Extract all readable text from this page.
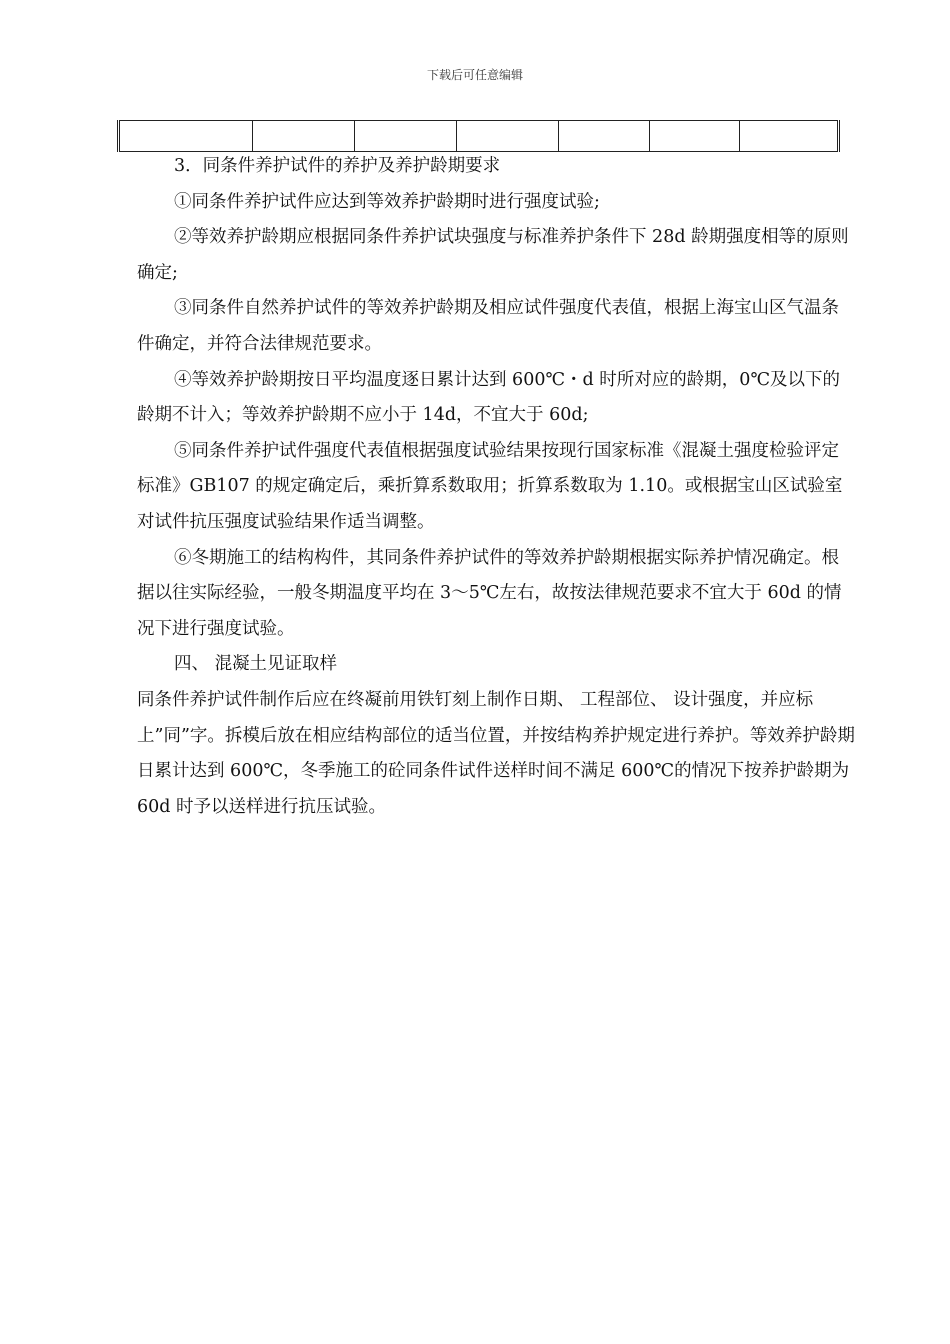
下载后可任意编辑

3．同条件养护试件的养护及养护龄期要求

①同条件养护试件应达到等效养护龄期时进行强度试验;

②等效养护龄期应根据同条件养护试块强度与标准养护条件下 28d 龄期强度相等的原则确定;

③同条件自然养护试件的等效养护龄期及相应试件强度代表值，根据上海宝山区气温条件确定，并符合法律规范要求。

④等效养护龄期按日平均温度逐日累计达到 600℃・d 时所对应的龄期，0℃及以下的龄期不计入；等效养护龄期不应小于 14d，不宜大于 60d;

⑤同条件养护试件强度代表值根据强度试验结果按现行国家标准《混凝土强度检验评定标准》GB107 的规定确定后，乘折算系数取用；折算系数取为 1.10。或根据宝山区试验室对试件抗压强度试验结果作适当调整。

⑥冬期施工的结构构件，其同条件养护试件的等效养护龄期根据实际养护情况确定。根据以往实际经验，一般冬期温度平均在 3～5℃左右，故按法律规范要求不宜大于 60d 的情况下进行强度试验。

四、 混凝土见证取样

同条件养护试件制作后应在终凝前用铁钉刻上制作日期、 工程部位、 设计强度，并应标上”同”字。拆模后放在相应结构部位的适当位置，并按结构养护规定进行养护。等效养护龄期日累计达到 600℃，冬季施工的砼同条件试件送样时间不满足 600℃的情况下按养护龄期为 60d 时予以送样进行抗压试验。
